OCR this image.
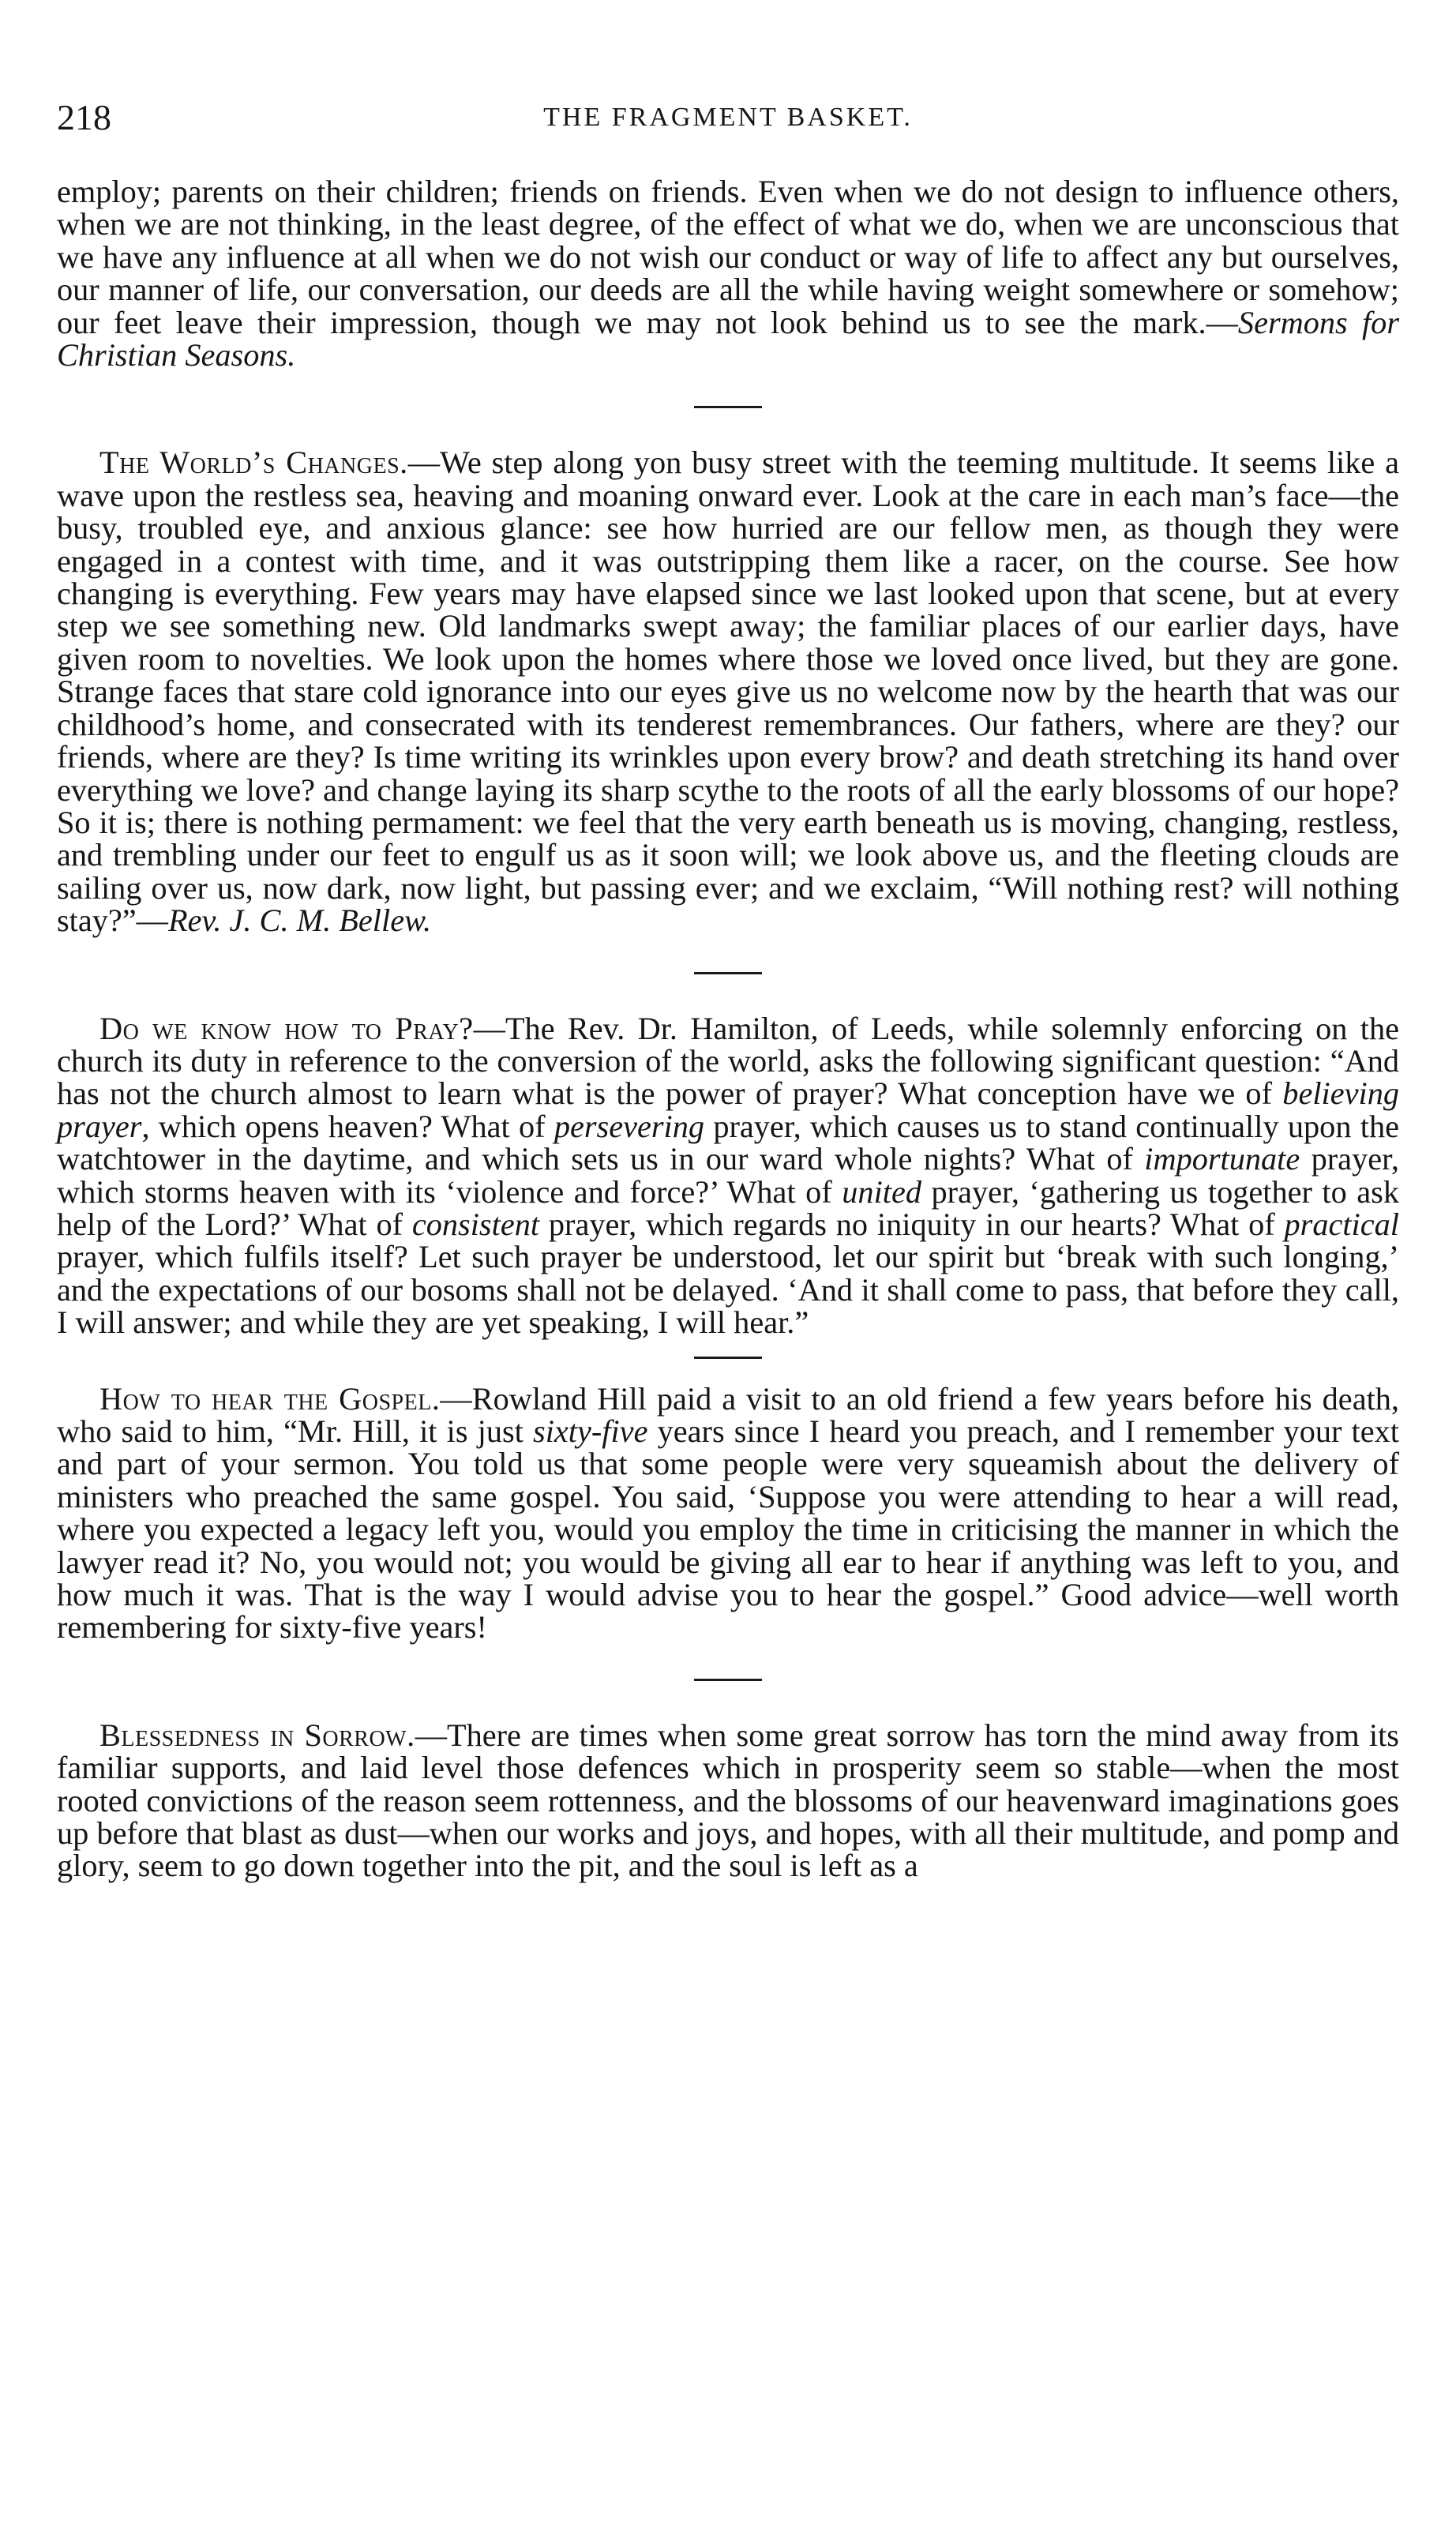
218	THE FRAGMENT BASKET.

employ; parents on their children; friends on friends. Even when we do not design to influence others, when we are not thinking, in the least degree, of the effect of what we do, when we are unconscious that we have any influence at all when we do not wish our conduct or way of life to affect any but ourselves, our manner of life, our conversation, our deeds are all the while having weight somewhere or somehow; our feet leave their impression, though we may not look behind us to see the mark.—Sermons for Christian Seasons.

The World’s Changes.—We step along yon busy street with the teeming multitude. It seems like a wave upon the restless sea, heaving and moaning onward ever. Look at the care in each man’s face—the busy, troubled eye, and anxious glance: see how hurried are our fellow men, as though they were engaged in a contest with time, and it was outstripping them like a racer, on the course. See how changing is everything. Few years may have elapsed since we last looked upon that scene, but at every step we see something new. Old landmarks swept away; the familiar places of our earlier days, have given room to novelties. We look upon the homes where those we loved once lived, but they are gone. Strange faces that stare cold ignorance into our eyes give us no welcome now by the hearth that was our childhood’s home, and consecrated with its tenderest remembrances. Our fathers, where are they? our friends, where are they? Is time writing its wrinkles upon every brow? and death stretching its hand over everything we love? and change laying its sharp scythe to the roots of all the early blossoms of our hope? So it is; there is nothing permament: we feel that the very earth beneath us is moving, changing, restless, and trembling under our feet to engulf us as it soon will; we look above us, and the fleeting clouds are sailing over us, now dark, now light, but passing ever; and we exclaim, “Will nothing rest? will nothing stay?”—Rev. J. C. M. Bellew.

Do we know how to Pray?—The Rev. Dr. Hamilton, of Leeds, while solemnly enforcing on the church its duty in reference to the conversion of the world, asks the following significant question: “And has not the church almost to learn what is the power of prayer? What conception have we of believing prayer, which opens heaven? What of persevering prayer, which causes us to stand continually upon the watchtower in the daytime, and which sets us in our ward whole nights? What of importunate prayer, which storms heaven with its ‘violence and force?’ What of united prayer, ‘gathering us together to ask help of the Lord?’ What of consistent prayer, which regards no iniquity in our hearts? What of practical prayer, which fulfils itself? Let such prayer be understood, let our spirit but ‘break with such longing,’ and the expectations of our bosoms shall not be delayed. ‘And it shall come to pass, that before they call, I will answer; and while they are yet speaking, I will hear.”

How to hear the Gospel.—Rowland Hill paid a visit to an old friend a few years before his death, who said to him, “Mr. Hill, it is just sixty-five years since I heard you preach, and I remember your text and part of your sermon. You told us that some people were very squeamish about the delivery of ministers who preached the same gospel. You said, ‘Suppose you were attending to hear a will read, where you expected a legacy left you, would you employ the time in criticising the manner in which the lawyer read it? No, you would not; you would be giving all ear to hear if anything was left to you, and how much it was. That is the way I would advise you to hear the gospel.” Good advice—well worth remembering for sixty-five years!

Blessedness in Sorrow.—There are times when some great sorrow has torn the mind away from its familiar supports, and laid level those defences which in prosperity seem so stable—when the most rooted convictions of the reason seem rottenness, and the blossoms of our heavenward imaginations goes up before that blast as dust—when our works and joys, and hopes, with all their multitude, and pomp and glory, seem to go down together into the pit, and the soul is left as a
